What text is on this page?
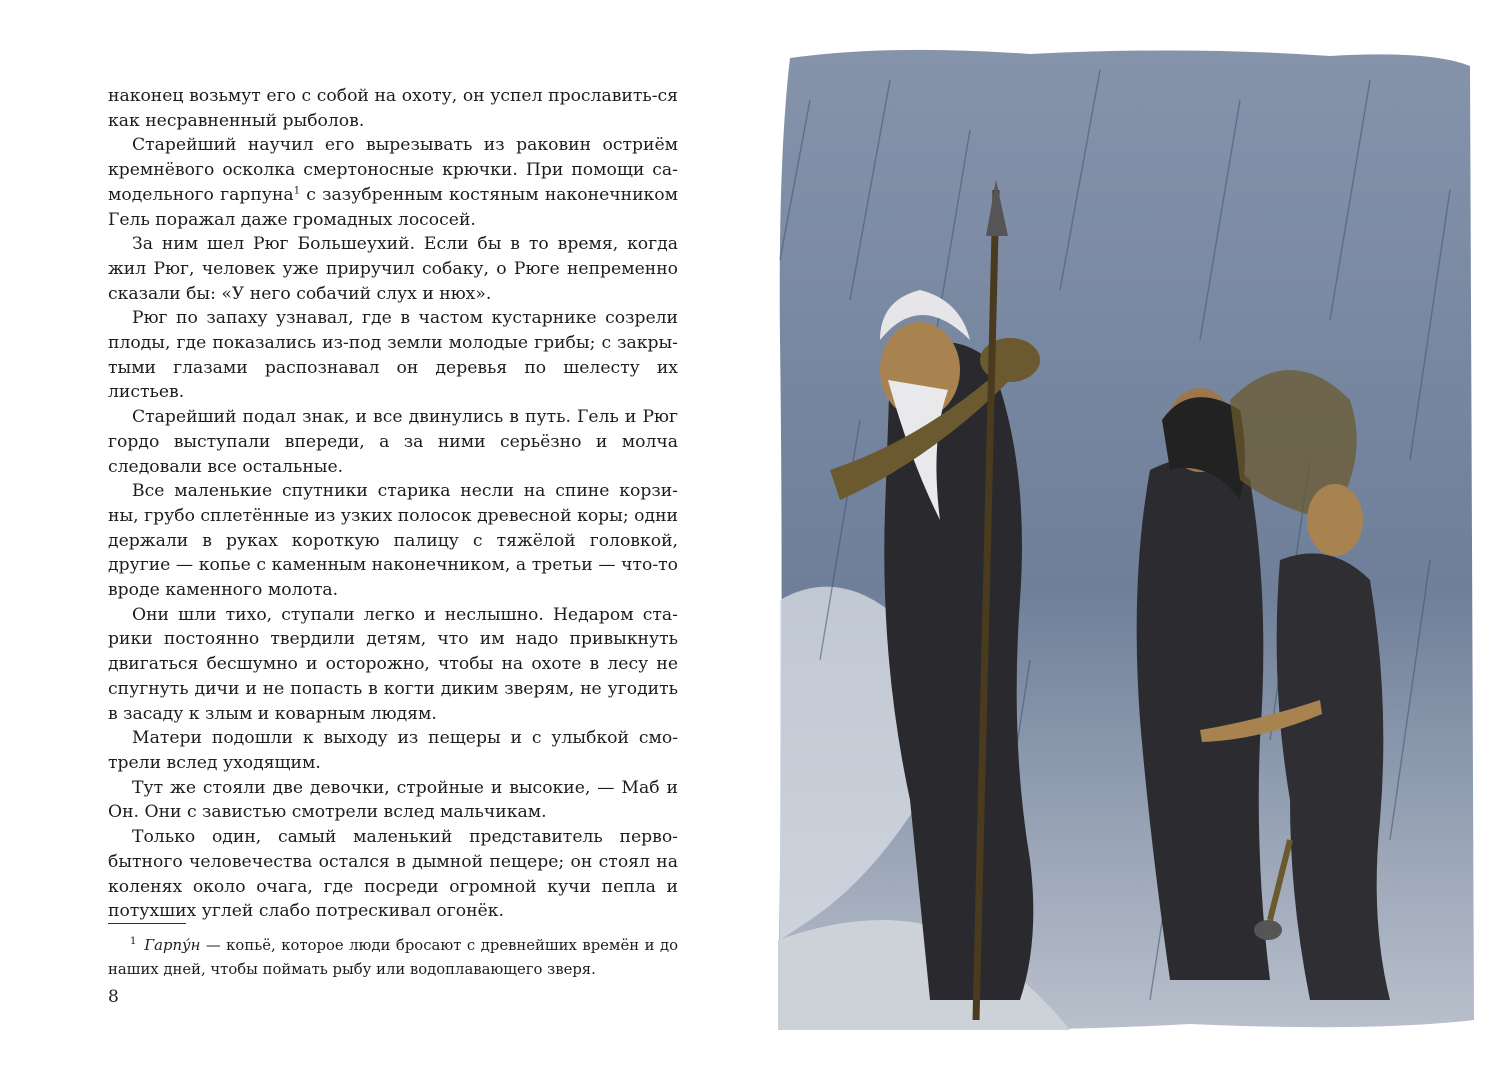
наконец возьмут его с собой на охоту, он успел прославить-ся как несравненный рыболов.

Старейший научил его вырезывать из раковин остриём кремнёвого осколка смертоносные крючки. При помощи са-модельного гарпуна$^1$ с зазубренным костяным наконечником Гель поражал даже громадных лососей.

За ним шел Рюг Большеухий. Если бы в то время, когда жил Рюг, человек уже приручил собаку, о Рюге непременно сказали бы: «У него собачий слух и нюх».

Рюг по запаху узнавал, где в частом кустарнике созрели плоды, где показались из-под земли молодые грибы; с закры-тыми глазами распознавал он деревья по шелесту их листьев.

Старейший подал знак, и все двинулись в путь. Гель и Рюг гордо выступали впереди, а за ними серьёзно и молча следовали все остальные.

Все маленькие спутники старика несли на спине корзи-ны, грубо сплетённые из узких полосок древесной коры; одни держали в руках короткую палицу с тяжёлой головкой, другие — копье с каменным наконечником, а третьи — что-то вроде каменного молота.

Они шли тихо, ступали легко и неслышно. Недаром ста-рики постоянно твердили детям, что им надо привыкнуть двигаться бесшумно и осторожно, чтобы на охоте в лесу не спугнуть дичи и не попасть в когти диким зверям, не угодить в засаду к злым и коварным людям.

Матери подошли к выходу из пещеры и с улыбкой смо-трели вслед уходящим.

Тут же стояли две девочки, стройные и высокие, — Маб и Он. Они с завистью смотрели вслед мальчикам.

Только один, самый маленький представитель перво-бытного человечества остался в дымной пещере; он стоял на коленях около очага, где посреди огромной кучи пепла и потухших углей слабо потрескивал огонёк.

$^1$ Гарпу́н — копьё, которое люди бросают с древнейших времён и до наших дней, чтобы поймать рыбу или водоплавающего зверя.
8
